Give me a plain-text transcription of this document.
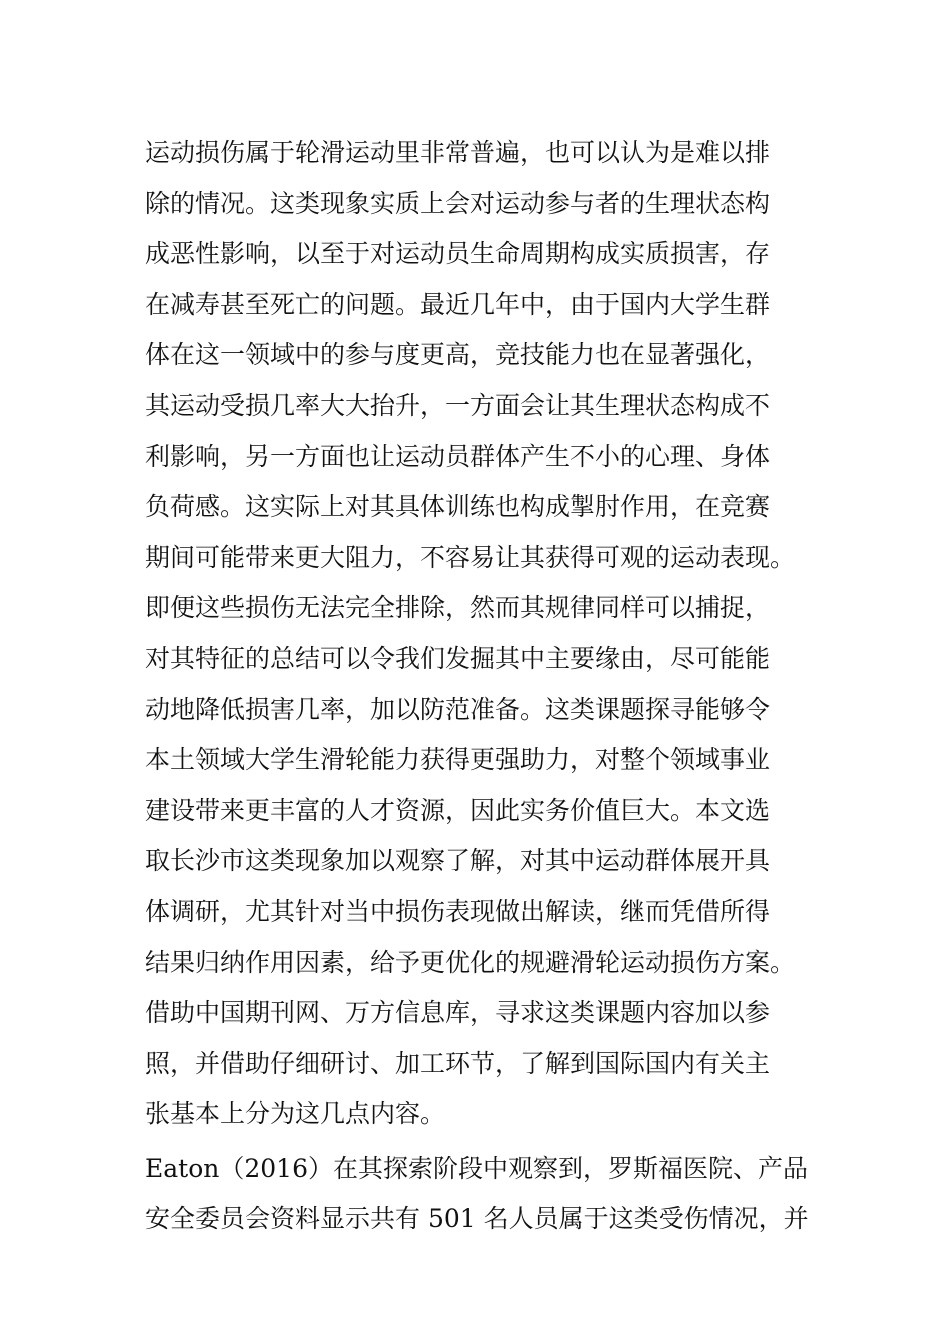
运动损伤属于轮滑运动里非常普遍，也可以认为是难以排
除的情况。这类现象实质上会对运动参与者的生理状态构
成恶性影响，以至于对运动员生命周期构成实质损害，存
在减寿甚至死亡的问题。最近几年中，由于国内大学生群
体在这一领域中的参与度更高，竞技能力也在显著强化，
其运动受损几率大大抬升，一方面会让其生理状态构成不
利影响，另一方面也让运动员群体产生不小的心理、身体
负荷感。这实际上对其具体训练也构成掣肘作用，在竞赛
期间可能带来更大阻力，不容易让其获得可观的运动表现。
即便这些损伤无法完全排除，然而其规律同样可以捕捉，
对其特征的总结可以令我们发掘其中主要缘由，尽可能能
动地降低损害几率，加以防范准备。这类课题探寻能够令
本土领域大学生滑轮能力获得更强助力，对整个领域事业
建设带来更丰富的人才资源，因此实务价值巨大。本文选
取长沙市这类现象加以观察了解，对其中运动群体展开具
体调研，尤其针对当中损伤表现做出解读，继而凭借所得
结果归纳作用因素，给予更优化的规避滑轮运动损伤方案。
借助中国期刊网、万方信息库，寻求这类课题内容加以参
照，并借助仔细研讨、加工环节，了解到国际国内有关主
张基本上分为这几点内容。
Eaton（2016）在其探索阶段中观察到，罗斯福医院、产品
安全委员会资料显示共有 501 名人员属于这类受伤情况，并
